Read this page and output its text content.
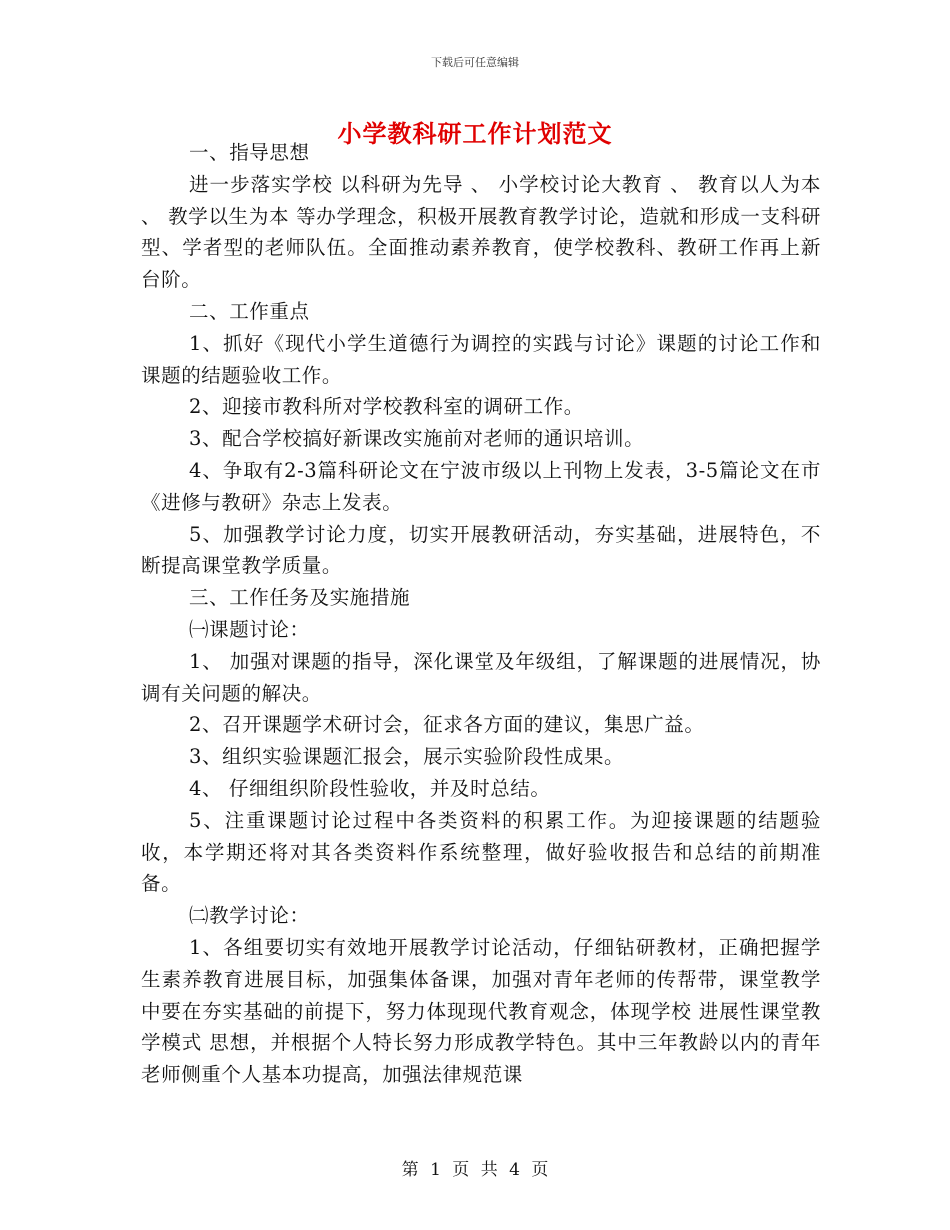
下载后可任意编辑
小学教科研工作计划范文

一、指导思想

进一步落实学校 以科研为先导 、 小学校讨论大教育 、 教育以人为本 、 教学以生为本 等办学理念，积极开展教育教学讨论，造就和形成一支科研型、学者型的老师队伍。全面推动素养教育，使学校教科、教研工作再上新台阶。

二、工作重点

1、抓好《现代小学生道德行为调控的实践与讨论》课题的讨论工作和课题的结题验收工作。

2、迎接市教科所对学校教科室的调研工作。

3、配合学校搞好新课改实施前对老师的通识培训。

4、争取有2-3篇科研论文在宁波市级以上刊物上发表，3-5篇论文在市《进修与教研》杂志上发表。

5、加强教学讨论力度，切实开展教研活动，夯实基础，进展特色，不断提高课堂教学质量。

三、工作任务及实施措施

㈠课题讨论：

1、 加强对课题的指导，深化课堂及年级组，了解课题的进展情况，协调有关问题的解决。

2、召开课题学术研讨会，征求各方面的建议，集思广益。

3、组织实验课题汇报会，展示实验阶段性成果。

4、 仔细组织阶段性验收，并及时总结。

5、注重课题讨论过程中各类资料的积累工作。为迎接课题的结题验收，本学期还将对其各类资料作系统整理，做好验收报告和总结的前期准备。

㈡教学讨论：

1、各组要切实有效地开展教学讨论活动，仔细钻研教材，正确把握学生素养教育进展目标，加强集体备课，加强对青年老师的传帮带，课堂教学中要在夯实基础的前提下，努力体现现代教育观念，体现学校 进展性课堂教学模式 思想，并根据个人特长努力形成教学特色。其中三年教龄以内的青年老师侧重个人基本功提高，加强法律规范课

第 1 页 共 4 页
